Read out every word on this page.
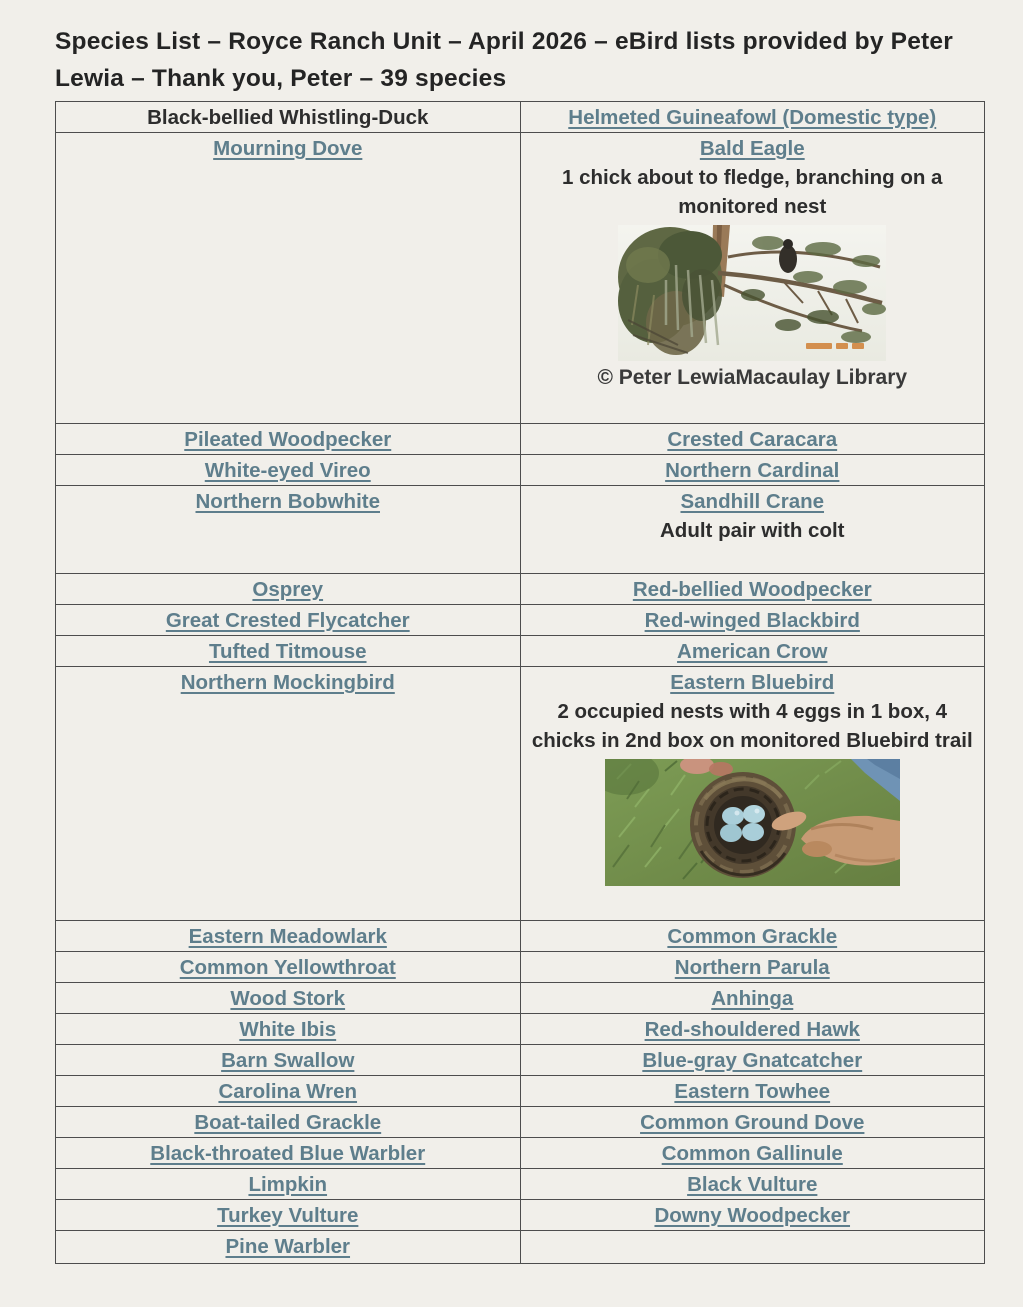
Species List – Royce Ranch Unit – April 2026 – eBird lists provided by Peter Lewia – Thank you, Peter – 39 species
Black-bellied Whistling-Duck	Helmeted Guineafowl (Domestic type)
Mourning Dove	Bald Eagle
1 chick about to fledge, branching on a monitored nest
© Peter LewiaMacaulay Library

Pileated Woodpecker	Crested Caracara
White-eyed Vireo	Northern Cardinal
Northern Bobwhite	Sandhill Crane
Adult pair with colt

Osprey	Red-bellied Woodpecker
Great Crested Flycatcher	Red-winged Blackbird
Tufted Titmouse	American Crow
Northern Mockingbird	Eastern Bluebird
2 occupied nests with 4 eggs in 1 box, 4 chicks in 2nd box on monitored Bluebird trail

Eastern Meadowlark	Common Grackle
Common Yellowthroat	Northern Parula
Wood Stork	Anhinga
White Ibis	Red-shouldered Hawk
Barn Swallow	Blue-gray Gnatcatcher
Carolina Wren	Eastern Towhee
Boat-tailed Grackle	Common Ground Dove
Black-throated Blue Warbler	Common Gallinule
Limpkin	Black Vulture
Turkey Vulture	Downy Woodpecker
Pine Warbler	
